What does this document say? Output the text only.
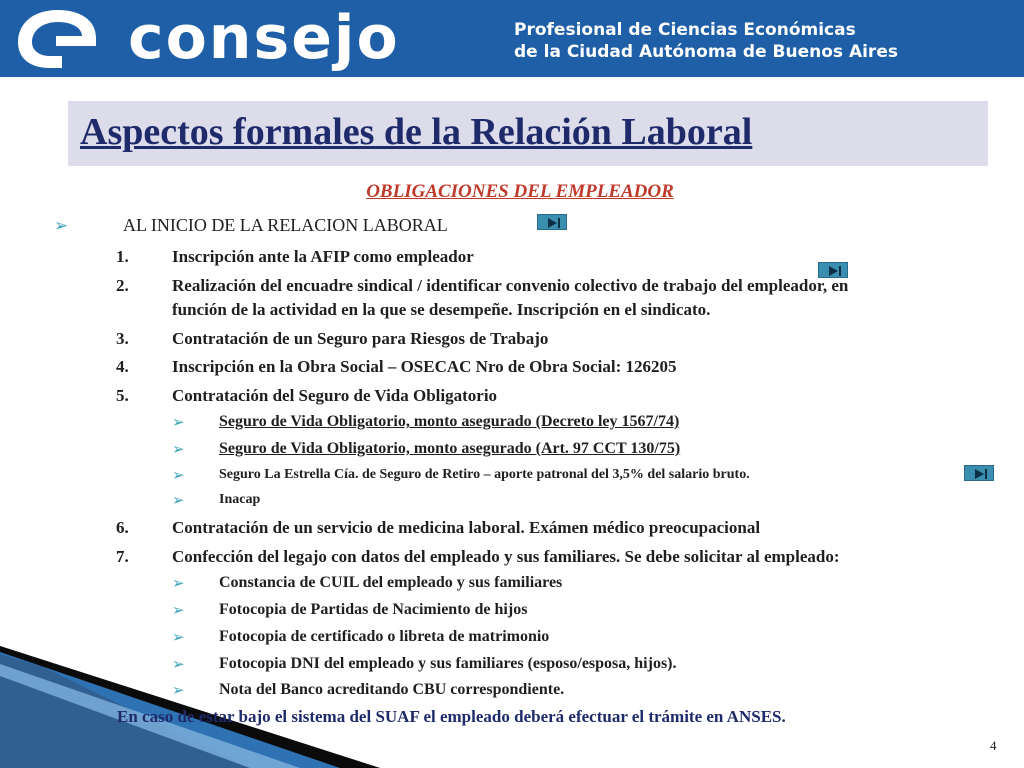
consejo	Profesional de Ciencias Económicas
de la Ciudad Autónoma de Buenos Aires
Aspectos formales de la Relación Laboral
OBLIGACIONES DEL EMPLEADOR
➢	AL INICIO DE LA RELACION LABORAL
1.	Inscripción ante la AFIP como empleador
2.	Realización del encuadre sindical / identificar convenio colectivo de trabajo del empleador, en
función de la actividad en la que se desempeñe. Inscripción en el sindicato.
3.	Contratación de un Seguro para Riesgos de Trabajo
4.	Inscripción en la Obra Social – OSECAC Nro de Obra Social: 126205
5.	Contratación del Seguro de Vida Obligatorio
➢ Seguro de Vida Obligatorio, monto asegurado (Decreto ley 1567/74)
➢ Seguro de Vida Obligatorio, monto asegurado (Art. 97 CCT 130/75)
➢ Seguro La Estrella Cía. de Seguro de Retiro – aporte patronal del 3,5% del salario bruto.
➢ Inacap
6.	Contratación de un servicio de medicina laboral. Exámen médico preocupacional
7.	Confección del legajo con datos del empleado y sus familiares. Se debe solicitar al empleado:
➢ Constancia de CUIL del empleado y sus familiares
➢ Fotocopia de Partidas de Nacimiento de hijos
➢ Fotocopia de certificado o libreta de matrimonio
➢ Fotocopia DNI del empleado y sus familiares (esposo/esposa, hijos).
➢ Nota del Banco acreditando CBU correspondiente.
En caso de estar bajo el sistema del SUAF el empleado deberá efectuar el trámite en ANSES.
4
